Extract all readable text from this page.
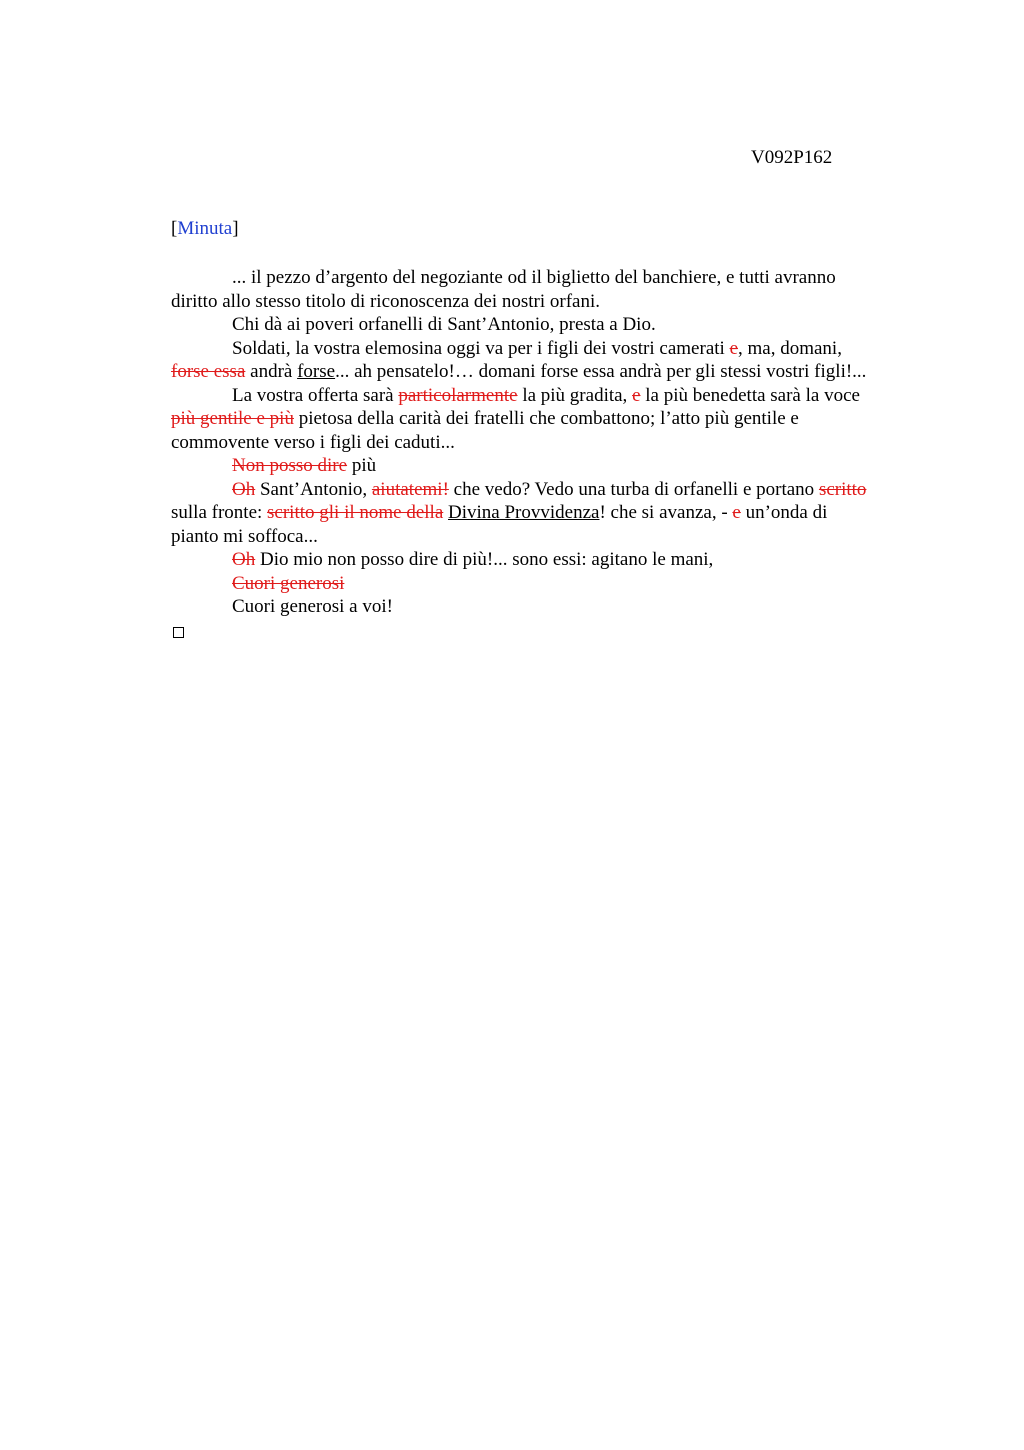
V092P162
[Minuta]

... il pezzo d’argento del negoziante od il biglietto del banchiere, e tutti avranno

diritto allo stesso titolo di riconoscenza dei nostri orfani.

Chi dà ai poveri orfanelli di Sant’Antonio, presta a Dio.

Soldati, la vostra elemosina oggi va per i figli dei vostri camerati e, ma, domani,

forse essa andrà forse... ah pensatelo!… domani forse essa andrà per gli stessi vostri figli!...

La vostra offerta sarà particolarmente la più gradita, e la più benedetta sarà la voce

più gentile e più pietosa della carità dei fratelli che combattono; l’atto più gentile e

commovente verso i figli dei caduti...

Non posso dire più

Oh Sant’Antonio, aiutatemi! che vedo? Vedo una turba di orfanelli e portano scritto

sulla fronte: scritto gli il nome della Divina Provvidenza! che si avanza, - e un’onda di

pianto mi soffoca...

Oh Dio mio non posso dire di più!... sono essi: agitano le mani,

Cuori generosi

Cuori generosi a voi!
